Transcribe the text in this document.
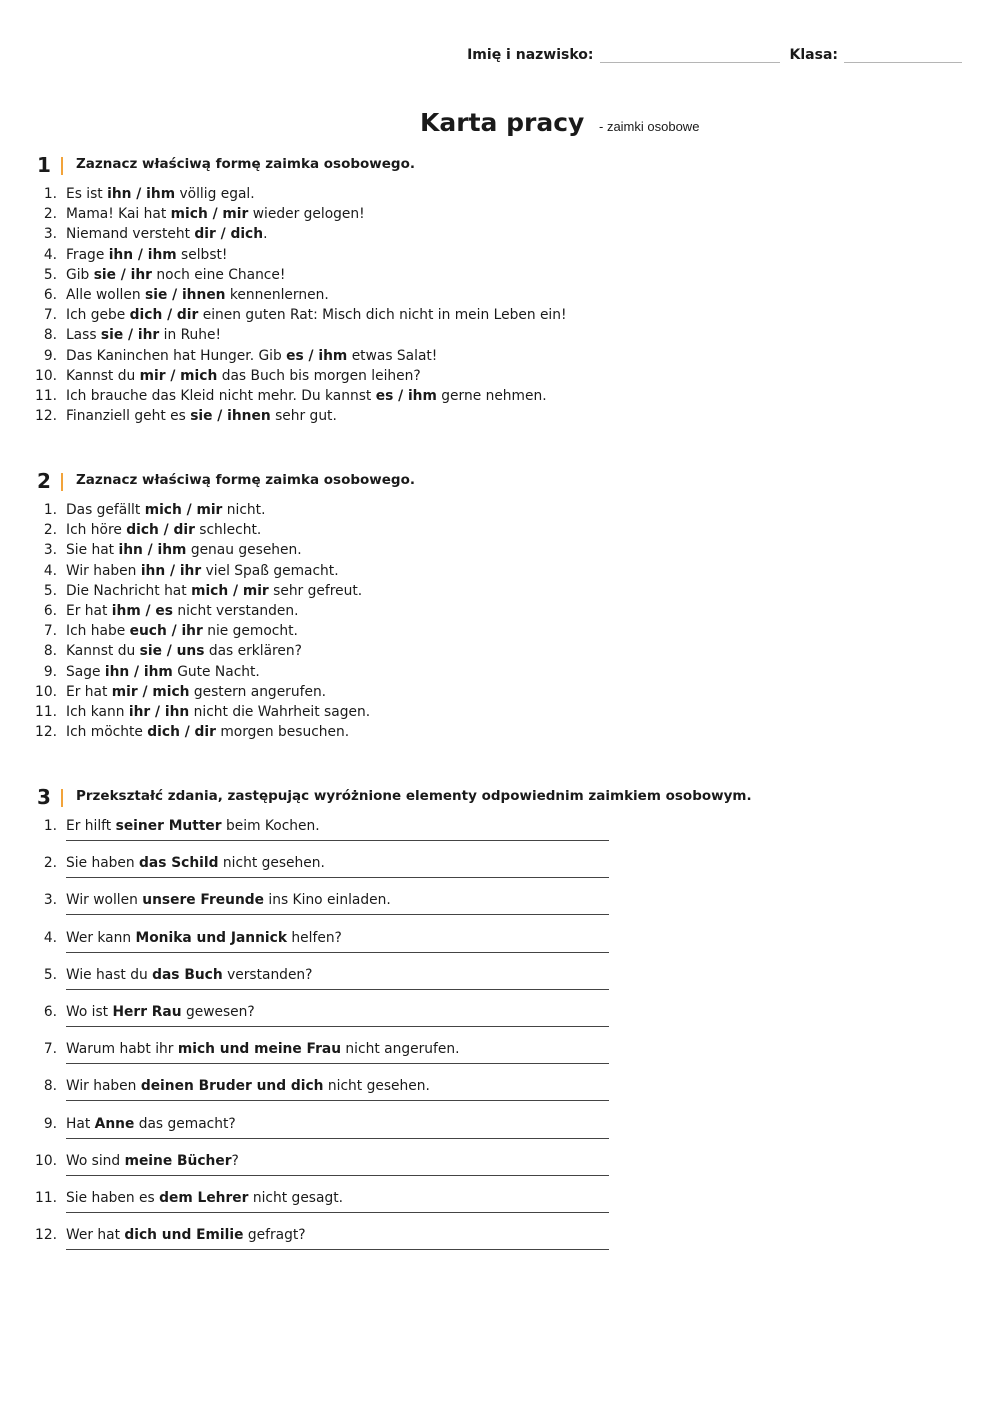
Imię i nazwisko:	Klasa:
Karta pracy - zaimki osobowe
1 Zaznacz właściwą formę zaimka osobowego.
1. Es ist ihn / ihm völlig egal.
2. Mama! Kai hat mich / mir wieder gelogen!
3. Niemand versteht dir / dich.
4. Frage ihn / ihm selbst!
5. Gib sie / ihr noch eine Chance!
6. Alle wollen sie / ihnen kennenlernen.
7. Ich gebe dich / dir einen guten Rat: Misch dich nicht in mein Leben ein!
8. Lass sie / ihr in Ruhe!
9. Das Kaninchen hat Hunger. Gib es / ihm etwas Salat!
10. Kannst du mir / mich das Buch bis morgen leihen?
11. Ich brauche das Kleid nicht mehr. Du kannst es / ihm gerne nehmen.
12. Finanziell geht es sie / ihnen sehr gut.
2 Zaznacz właściwą formę zaimka osobowego.
1. Das gefällt mich / mir nicht.
2. Ich höre dich / dir schlecht.
3. Sie hat ihn / ihm genau gesehen.
4. Wir haben ihn / ihr viel Spaß gemacht.
5. Die Nachricht hat mich / mir sehr gefreut.
6. Er hat ihm / es nicht verstanden.
7. Ich habe euch / ihr nie gemocht.
8. Kannst du sie / uns das erklären?
9. Sage ihn / ihm Gute Nacht.
10. Er hat mir / mich gestern angerufen.
11. Ich kann ihr / ihn nicht die Wahrheit sagen.
12. Ich möchte dich / dir morgen besuchen.
3 Przekształć zdania, zastępując wyróżnione elementy odpowiednim zaimkiem osobowym.
1. Er hilft seiner Mutter beim Kochen.
2. Sie haben das Schild nicht gesehen.
3. Wir wollen unsere Freunde ins Kino einladen.
4. Wer kann Monika und Jannick helfen?
5. Wie hast du das Buch verstanden?
6. Wo ist Herr Rau gewesen?
7. Warum habt ihr mich und meine Frau nicht angerufen.
8. Wir haben deinen Bruder und dich nicht gesehen.
9. Hat Anne das gemacht?
10. Wo sind meine Bücher?
11. Sie haben es dem Lehrer nicht gesagt.
12. Wer hat dich und Emilie gefragt?
